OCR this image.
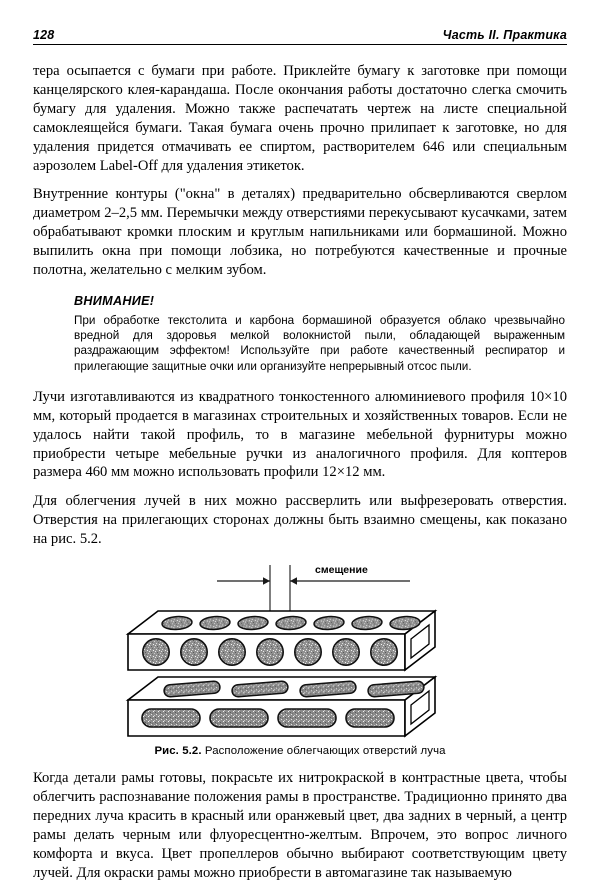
128	Часть II. Практика

тера осыпается с бумаги при работе. Приклейте бумагу к заготовке при помощи канцелярского клея-карандаша. После окончания работы достаточно слегка смочить бумагу для удаления. Можно также распечатать чертеж на листе специальной самоклеящейся бумаги. Такая бумага очень прочно прилипает к заготовке, но для удаления придется отмачивать ее спиртом, растворителем 646 или специальным аэрозолем Label-Off для удаления этикеток.

Внутренние контуры ("окна" в деталях) предварительно обсверливаются сверлом диаметром 2–2,5 мм. Перемычки между отверстиями перекусывают кусачками, затем обрабатывают кромки плоским и круглым напильниками или бормашиной. Можно выпилить окна при помощи лобзика, но потребуются качественные и прочные полотна, желательно с мелким зубом.

ВНИМАНИЕ!

При обработке текстолита и карбона бормашиной образуется облако чрезвычайно вредной для здоровья мелкой волокнистой пыли, обладающей выраженным раздражающим эффектом! Используйте при работе качественный респиратор и прилегающие защитные очки или организуйте непрерывный отсос пыли.

Лучи изготавливаются из квадратного тонкостенного алюминиевого профиля 10×10 мм, который продается в магазинах строительных и хозяйственных товаров. Если не удалось найти такой профиль, то в магазине мебельной фурнитуры можно приобрести четыре мебельные ручки из аналогичного профиля. Для коптеров размера 460 мм можно использовать профили 12×12 мм.

Для облегчения лучей в них можно рассверлить или выфрезеровать отверстия. Отверстия на прилегающих сторонах должны быть взаимно смещены, как показано на рис. 5.2.

смещение

Рис. 5.2. Расположение облегчающих отверстий луча

Когда детали рамы готовы, покрасьте их нитрокраской в контрастные цвета, чтобы облегчить распознавание положения рамы в пространстве. Традиционно принято два передних луча красить в красный или оранжевый цвет, два задних в черный, а центр рамы делать черным или флуоресцентно-желтым. Впрочем, это вопрос личного комфорта и вкуса. Цвет пропеллеров обычно выбирают соответствующим цвету лучей. Для окраски рамы можно приобрести в автомагазине так называемую
